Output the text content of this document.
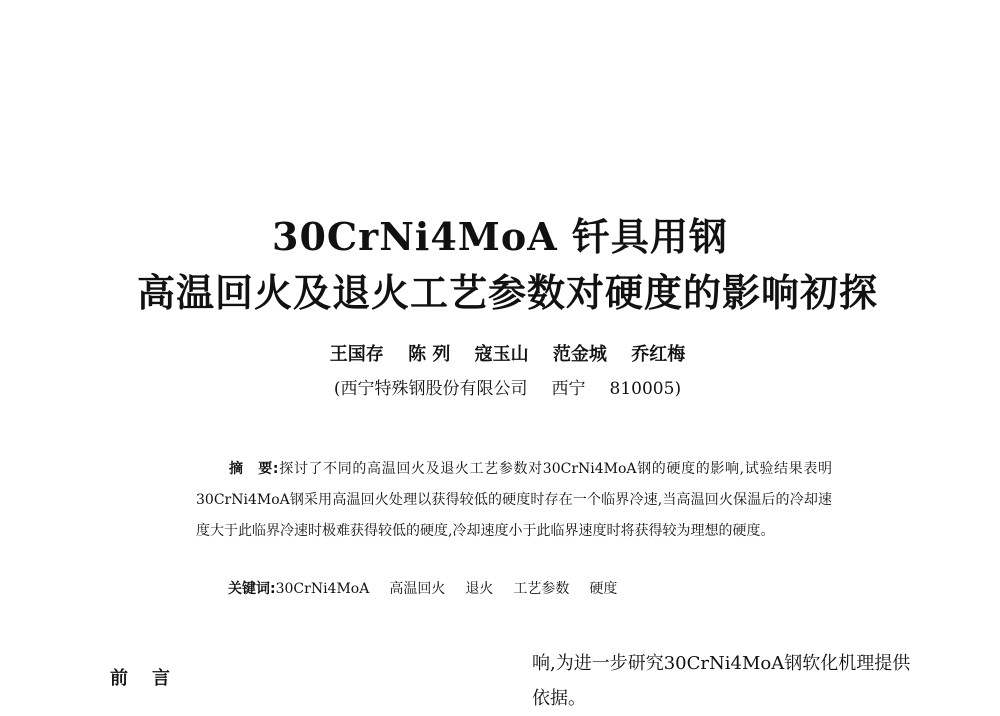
30CrNi4MoA 钎具用钢
高温回火及退火工艺参数对硬度的影响初探
王国存 陈 列 寇玉山 范金城 乔红梅
(西宁特殊钢股份有限公司 西宁 810005)
摘　要:探讨了不同的高温回火及退火工艺参数对30CrNi4MoA钢的硬度的影响,试验结果表明30CrNi4MoA钢采用高温回火处理以获得较低的硬度时存在一个临界冷速,当高温回火保温后的冷却速度大于此临界冷速时极难获得较低的硬度,冷却速度小于此临界速度时将获得较为理想的硬度。
关键词:30CrNi4MoA 高温回火 退火 工艺参数 硬度
前言
响,为进一步研究30CrNi4MoA钢软化机理提供依据。
